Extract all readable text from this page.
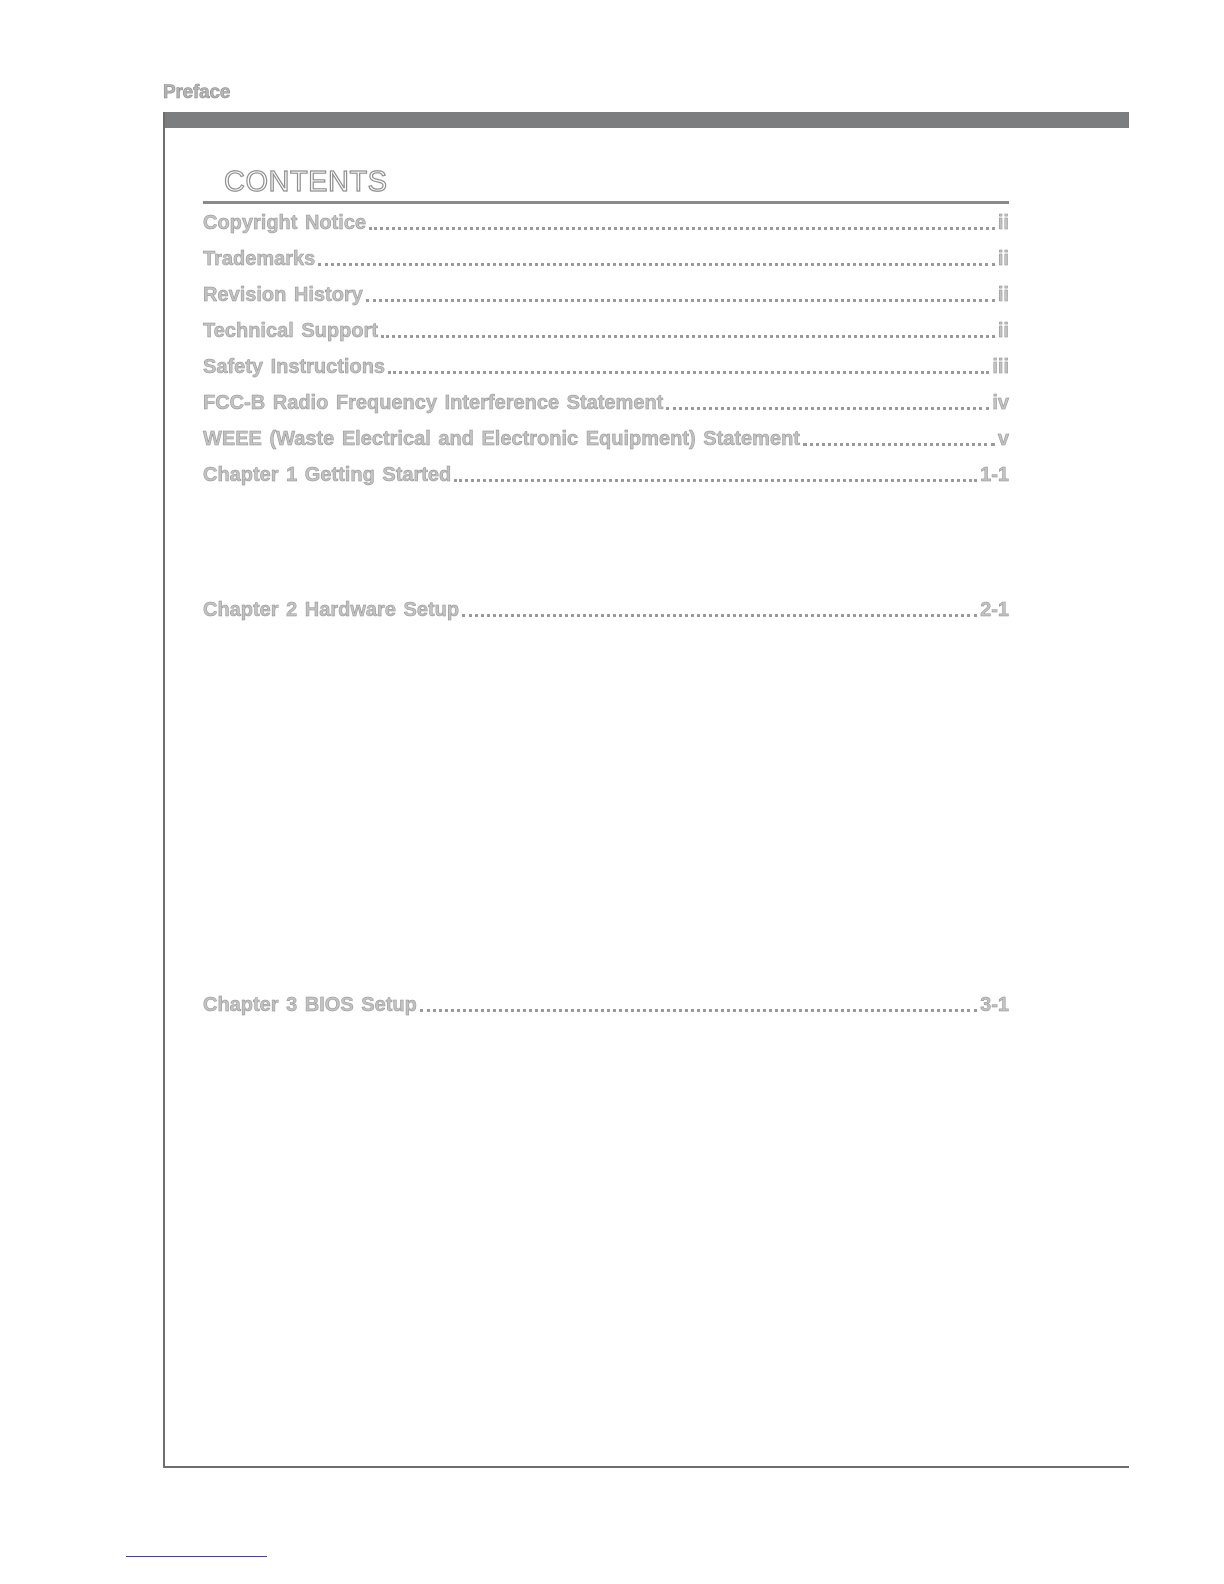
Preface
CONTENTS
Copyright Notice	ii
Trademarks	ii
Revision History	ii
Technical Support	ii
Safety Instructions	iii
FCC-B Radio Frequency Interference Statement	iv
WEEE (Waste Electrical and Electronic Equipment) Statement	v
Chapter 1 Getting Started	1-1
Chapter 2 Hardware Setup	2-1
Chapter 3 BIOS Setup	3-1
